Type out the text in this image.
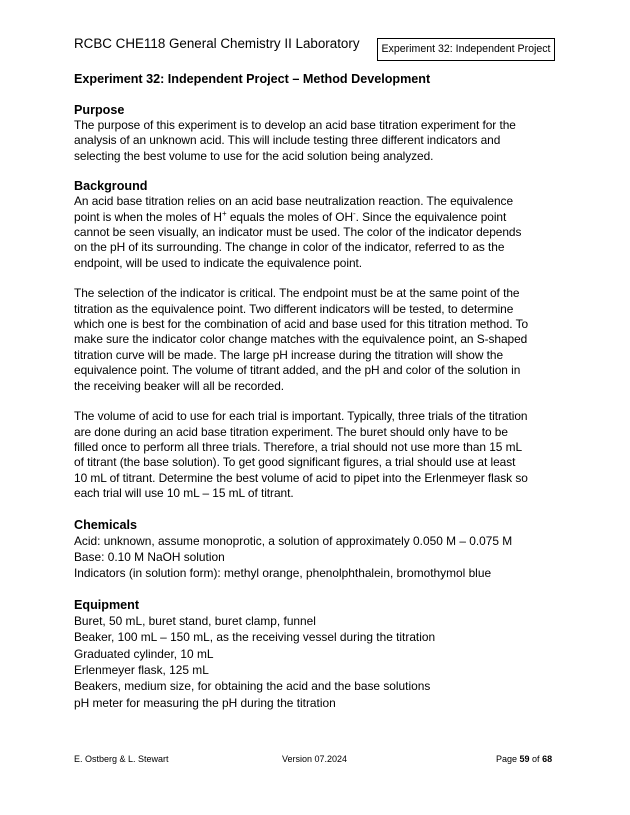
RCBC CHE118 General Chemistry II Laboratory	Experiment 32: Independent Project

Experiment 32: Independent Project – Method Development

Purpose

The purpose of this experiment is to develop an acid base titration experiment for the

analysis of an unknown acid. This will include testing three different indicators and

selecting the best volume to use for the acid solution being analyzed.

Background

An acid base titration relies on an acid base neutralization reaction. The equivalence

point is when the moles of H+ equals the moles of OH-. Since the equivalence point

cannot be seen visually, an indicator must be used. The color of the indicator depends

on the pH of its surrounding. The change in color of the indicator, referred to as the

endpoint, will be used to indicate the equivalence point.

The selection of the indicator is critical. The endpoint must be at the same point of the

titration as the equivalence point. Two different indicators will be tested, to determine

which one is best for the combination of acid and base used for this titration method. To

make sure the indicator color change matches with the equivalence point, an S-shaped

titration curve will be made. The large pH increase during the titration will show the

equivalence point. The volume of titrant added, and the pH and color of the solution in

the receiving beaker will all be recorded.

The volume of acid to use for each trial is important. Typically, three trials of the titration

are done during an acid base titration experiment. The buret should only have to be

filled once to perform all three trials. Therefore, a trial should not use more than 15 mL

of titrant (the base solution). To get good significant figures, a trial should use at least

10 mL of titrant. Determine the best volume of acid to pipet into the Erlenmeyer flask so

each trial will use 10 mL – 15 mL of titrant.

Chemicals

Acid: unknown, assume monoprotic, a solution of approximately 0.050 M – 0.075 M

Base: 0.10 M NaOH solution

Indicators (in solution form): methyl orange, phenolphthalein, bromothymol blue

Equipment

Buret, 50 mL, buret stand, buret clamp, funnel

Beaker, 100 mL – 150 mL, as the receiving vessel during the titration

Graduated cylinder, 10 mL

Erlenmeyer flask, 125 mL

Beakers, medium size, for obtaining the acid and the base solutions

pH meter for measuring the pH during the titration

E. Ostberg & L. Stewart	Version 07.2024	Page 59 of 68
